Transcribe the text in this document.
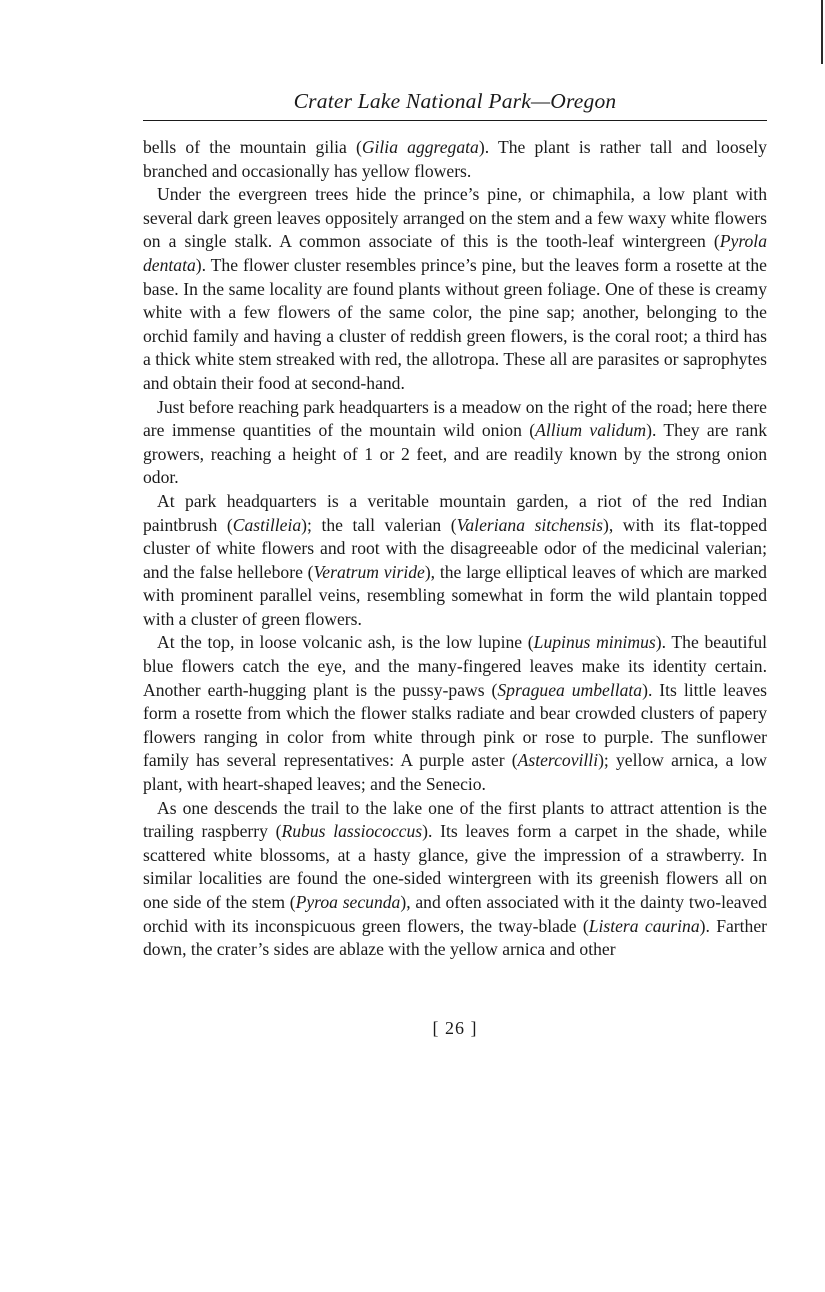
Crater Lake National Park—Oregon

bells of the mountain gilia (Gilia aggregata). The plant is rather tall and loosely branched and occasionally has yellow flowers.

Under the evergreen trees hide the prince’s pine, or chimaphila, a low plant with several dark green leaves oppositely arranged on the stem and a few waxy white flowers on a single stalk. A common associate of this is the tooth-leaf wintergreen (Pyrola dentata). The flower cluster resembles prince’s pine, but the leaves form a rosette at the base. In the same locality are found plants without green foliage. One of these is creamy white with a few flowers of the same color, the pine sap; another, belonging to the orchid family and having a cluster of reddish green flowers, is the coral root; a third has a thick white stem streaked with red, the allotropa. These all are parasites or saprophytes and obtain their food at second-hand.

Just before reaching park headquarters is a meadow on the right of the road; here there are immense quantities of the mountain wild onion (Allium validum). They are rank growers, reaching a height of 1 or 2 feet, and are readily known by the strong onion odor.

At park headquarters is a veritable mountain garden, a riot of the red Indian paintbrush (Castilleia); the tall valerian (Valeriana sitchensis), with its flat-topped cluster of white flowers and root with the disagreeable odor of the medicinal valerian; and the false hellebore (Veratrum viride), the large elliptical leaves of which are marked with prominent parallel veins, resembling somewhat in form the wild plantain topped with a cluster of green flowers.

At the top, in loose volcanic ash, is the low lupine (Lupinus minimus). The beautiful blue flowers catch the eye, and the many-fingered leaves make its identity certain. Another earth-hugging plant is the pussy-paws (Spraguea umbellata). Its little leaves form a rosette from which the flower stalks radiate and bear crowded clusters of papery flowers ranging in color from white through pink or rose to purple. The sunflower family has several representatives: A purple aster (Astercovilli); yellow arnica, a low plant, with heart-shaped leaves; and the Senecio.

As one descends the trail to the lake one of the first plants to attract attention is the trailing raspberry (Rubus lassiococcus). Its leaves form a carpet in the shade, while scattered white blossoms, at a hasty glance, give the impression of a strawberry. In similar localities are found the one-sided wintergreen with its greenish flowers all on one side of the stem (Pyroa secunda), and often associated with it the dainty two-leaved orchid with its inconspicuous green flowers, the tway-blade (Listera caurina). Farther down, the crater’s sides are ablaze with the yellow arnica and other

[ 26 ]
